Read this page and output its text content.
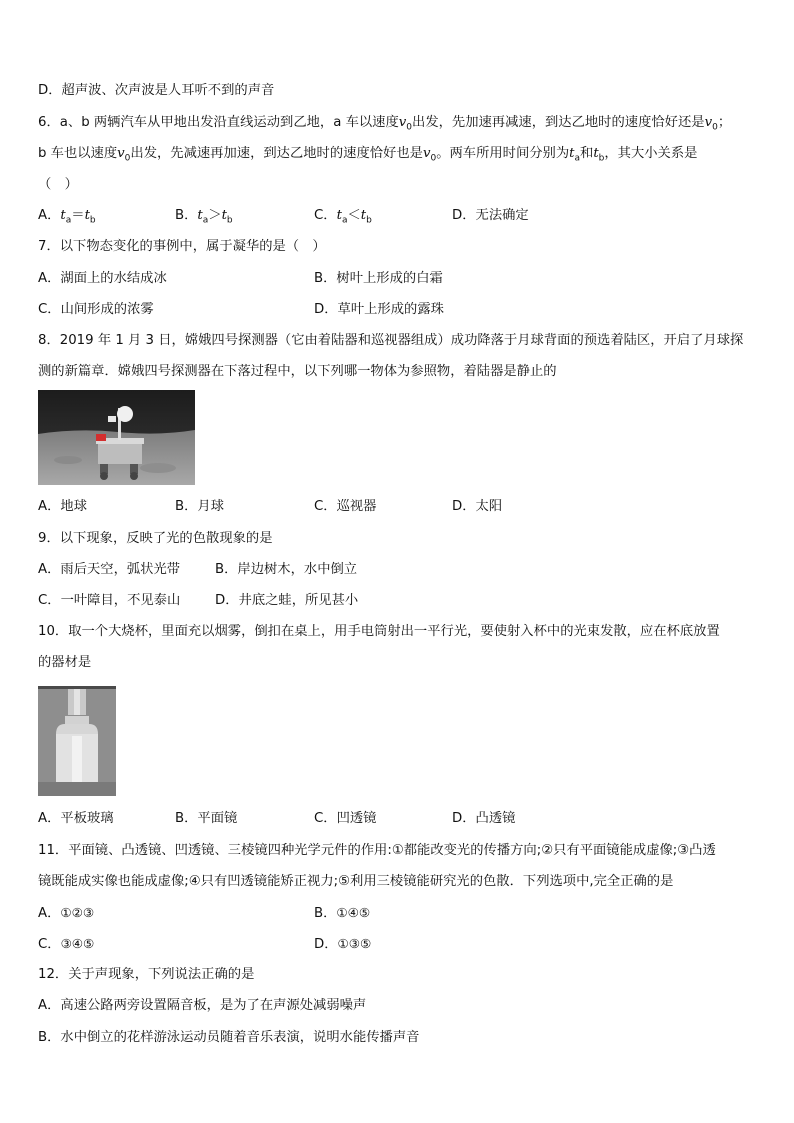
D．超声波、次声波是人耳听不到的声音
6．a、b 两辆汽车从甲地出发沿直线运动到乙地，a 车以速度$v_0$出发，先加速再减速，到达乙地时的速度恰好还是$v_0$；
b 车也以速度$v_0$出发，先减速再加速，到达乙地时的速度恰好也是$v_0$。两车所用时间分别为$t_a$和$t_b$，其大小关系是
（　）
A．$t_a=t_b$	B．$t_a>t_b$	C．$t_a<t_b$	D．无法确定
7．以下物态变化的事例中，属于凝华的是（　）
A．湖面上的水结成冰	B．树叶上形成的白霜
C．山间形成的浓雾	D．草叶上形成的露珠
8．2019 年 1 月 3 日，嫦娥四号探测器（它由着陆器和巡视器组成）成功降落于月球背面的预选着陆区，开启了月球探
测的新篇章．嫦娥四号探测器在下落过程中，以下列哪一物体为参照物，着陆器是静止的
A．地球	B．月球	C．巡视器	D．太阳
9．以下现象，反映了光的色散现象的是
A．雨后天空，弧状光带	B．岸边树木，水中倒立
C．一叶障目，不见泰山	D．井底之蛙，所见甚小
10．取一个大烧杯，里面充以烟雾，倒扣在桌上，用手电筒射出一平行光，要使射入杯中的光束发散，应在杯底放置
的器材是
A．平板玻璃	B．平面镜	C．凹透镜	D．凸透镜
11．平面镜、凸透镜、凹透镜、三棱镜四种光学元件的作用:①都能改变光的传播方向;②只有平面镜能成虚像;③凸透
镜既能成实像也能成虚像;④只有凹透镜能矫正视力;⑤利用三棱镜能研究光的色散．下列选项中,完全正确的是
A．①②③	B．①④⑤
C．③④⑤	D．①③⑤
12．关于声现象，下列说法正确的是
A．高速公路两旁设置隔音板，是为了在声源处减弱噪声
B．水中倒立的花样游泳运动员随着音乐表演，说明水能传播声音
